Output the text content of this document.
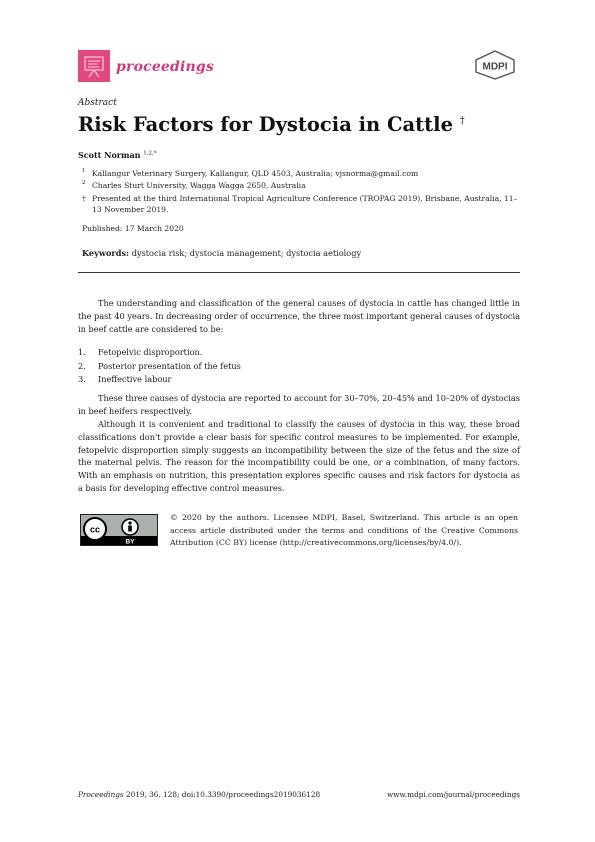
proceedings	MDPI
Abstract
Risk Factors for Dystocia in Cattle †
Scott Norman $^{1,2,*}$
1 Kallangur Veterinary Surgery, Kallangur, QLD 4503, Australia; vjsnorma@gmail.com
2 Charles Sturt University, Wagga Wagga 2650, Australia
† Presented at the third International Tropical Agriculture Conference (TROPAG 2019), Brisbane, Australia, 11–13 November 2019.
Published: 17 March 2020
Keywords: dystocia risk; dystocia management; dystocia aetiology
The understanding and classification of the general causes of dystocia in cattle has changed little in the past 40 years. In decreasing order of occurrence, the three most important general causes of dystocia in beef cattle are considered to be:
1. Fetopelvic disproportion.
2. Posterior presentation of the fetus
3. Ineffective labour
These three causes of dystocia are reported to account for 30–70%, 20–45% and 10–20% of dystocias in beef heifers respectively.
Although it is convenient and traditional to classify the causes of dystocia in this way, these broad classifications don't provide a clear basis for specific control measures to be implemented. For example, fetopelvic disproportion simply suggests an incompatibility between the size of the fetus and the size of the maternal pelvis. The reason for the incompatibility could be one, or a combination, of many factors. With an emphasis on nutrition, this presentation explores specific causes and risk factors for dystocia as a basis for developing effective control measures.
cc
BY
© 2020 by the authors. Licensee MDPI, Basel, Switzerland. This article is an open access article distributed under the terms and conditions of the Creative Commons Attribution (CC BY) license (http://creativecommons.org/licenses/by/4.0/).
Proceedings 2019, 36, 128; doi:10.3390/proceedings2019036128	www.mdpi.com/journal/proceedings
